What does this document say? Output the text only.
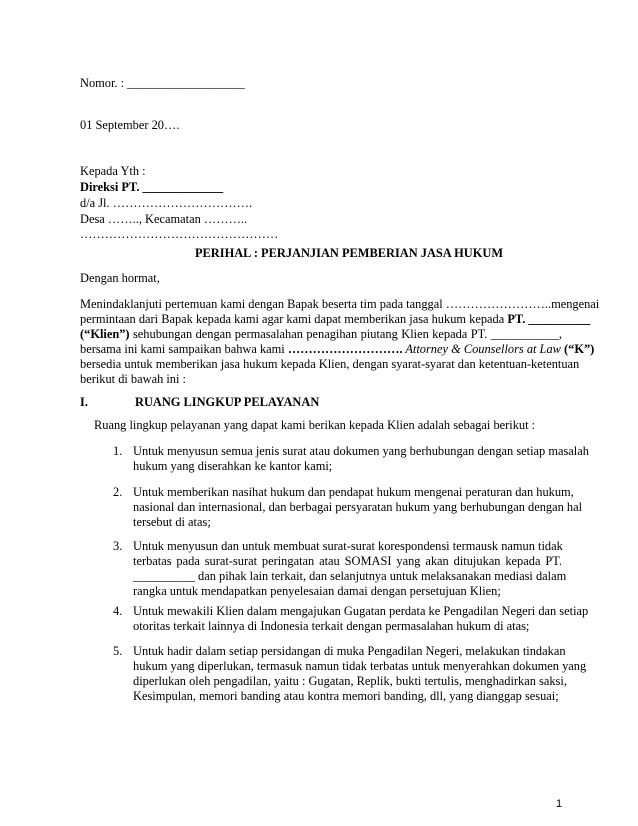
Nomor. : ___________________
01 September 20….
Kepada Yth :
Direksi PT. _____________
d/a Jl. …………………………….
Desa …….., Kecamatan ………..
…………………………………………
PERIHAL : PERJANJIAN PEMBERIAN JASA HUKUM
Dengan hormat,
Menindaklanjuti pertemuan kami dengan Bapak beserta tim pada tanggal ……………………..mengenai
permintaan dari Bapak kepada kami agar kami dapat memberikan jasa hukum kepada PT. __________
(“Klien”) sehubungan dengan permasalahan penagihan piutang Klien kepada PT. ___________,
bersama ini kami sampaikan bahwa kami ………………………. Attorney & Counsellors at Law (“K”)
bersedia untuk memberikan jasa hukum kepada Klien, dengan syarat-syarat dan ketentuan-ketentuan
berikut di bawah ini :
I.	RUANG LINGKUP PELAYANAN
Ruang lingkup pelayanan yang dapat kami berikan kepada Klien adalah sebagai berikut :
1. Untuk menyusun semua jenis surat atau dokumen yang berhubungan dengan setiap masalah
hukum yang diserahkan ke kantor kami;
2. Untuk memberikan nasihat hukum dan pendapat hukum mengenai peraturan dan hukum,
nasional dan internasional, dan berbagai persyaratan hukum yang berhubungan dengan hal
tersebut di atas;
3. Untuk menyusun dan untuk membuat surat-surat korespondensi termausk namun tidak
terbatas pada surat-surat peringatan atau SOMASI yang akan ditujukan kepada PT.
__________ dan pihak lain terkait, dan selanjutnya untuk melaksanakan mediasi dalam
rangka untuk mendapatkan penyelesaian damai dengan persetujuan Klien;
4. Untuk mewakili Klien dalam mengajukan Gugatan perdata ke Pengadilan Negeri dan setiap
otoritas terkait lainnya di Indonesia terkait dengan permasalahan hukum di atas;
5. Untuk hadir dalam setiap persidangan di muka Pengadilan Negeri, melakukan tindakan
hukum yang diperlukan, termasuk namun tidak terbatas untuk menyerahkan dokumen yang
diperlukan oleh pengadilan, yaitu : Gugatan, Replik, bukti tertulis, menghadirkan saksi,
Kesimpulan, memori banding atau kontra memori banding, dll, yang dianggap sesuai;
1
